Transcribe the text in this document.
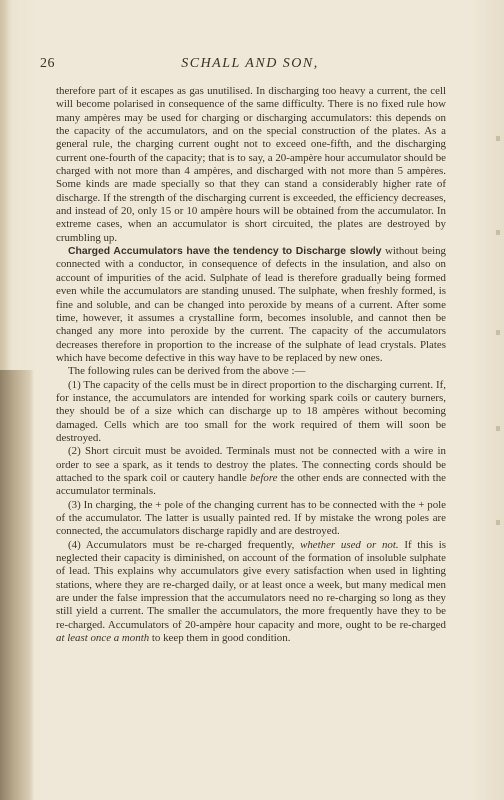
26	SCHALL AND SON,

therefore part of it escapes as gas unutilised. In discharging too heavy a current, the cell will become polarised in consequence of the same difficulty. There is no fixed rule how many ampères may be used for charging or discharging accumulators: this depends on the capacity of the accumulators, and on the special construction of the plates. As a general rule, the charging current ought not to exceed one-fifth, and the discharging current one-fourth of the capacity; that is to say, a 20-ampère hour accumulator should be charged with not more than 4 ampères, and discharged with not more than 5 ampères. Some kinds are made specially so that they can stand a considerably higher rate of discharge. If the strength of the discharging current is exceeded, the efficiency decreases, and instead of 20, only 15 or 10 ampère hours will be obtained from the accumulator. In extreme cases, when an accumulator is short circuited, the plates are destroyed by crumbling up.

Charged Accumulators have the tendency to Discharge slowly without being connected with a conductor, in consequence of defects in the insulation, and also on account of impurities of the acid. Sulphate of lead is therefore gradually being formed even while the accumulators are standing unused. The sulphate, when freshly formed, is fine and soluble, and can be changed into peroxide by means of a current. After some time, however, it assumes a crystalline form, becomes insoluble, and cannot then be changed any more into peroxide by the current. The capacity of the accumulators decreases therefore in proportion to the increase of the sulphate of lead crystals. Plates which have become defective in this way have to be replaced by new ones.

The following rules can be derived from the above :—

(1) The capacity of the cells must be in direct proportion to the discharging current. If, for instance, the accumulators are intended for working spark coils or cautery burners, they should be of a size which can discharge up to 18 ampères without becoming damaged. Cells which are too small for the work required of them will soon be destroyed.

(2) Short circuit must be avoided. Terminals must not be connected with a wire in order to see a spark, as it tends to destroy the plates. The connecting cords should be attached to the spark coil or cautery handle before the other ends are connected with the accumulator terminals.

(3) In charging, the + pole of the changing current has to be connected with the + pole of the accumulator. The latter is usually painted red. If by mistake the wrong poles are connected, the accumulators discharge rapidly and are destroyed.

(4) Accumulators must be re-charged frequently, whether used or not. If this is neglected their capacity is diminished, on account of the formation of insoluble sulphate of lead. This explains why accumulators give every satisfaction when used in lighting stations, where they are re-charged daily, or at least once a week, but many medical men are under the false impression that the accumulators need no re-charging so long as they still yield a current. The smaller the accumulators, the more frequently have they to be re-charged. Accumulators of 20-ampère hour capacity and more, ought to be re-charged at least once a month to keep them in good condition.
